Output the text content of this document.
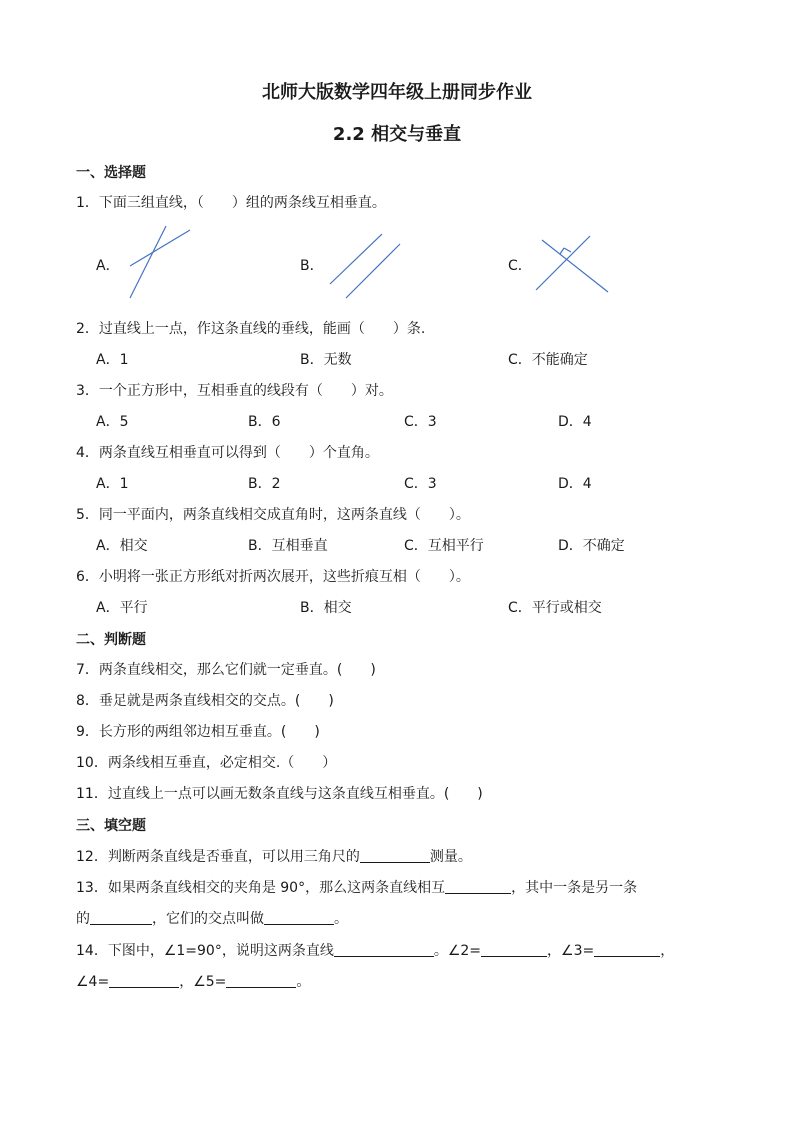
北师大版数学四年级上册同步作业
2.2 相交与垂直
一、选择题
1．下面三组直线，（　　）组的两条线互相垂直。
A．	B．	C．
2．过直线上一点，作这条直线的垂线，能画（　　）条.
A．1	B．无数	C．不能确定
3．一个正方形中，互相垂直的线段有（　　）对。
A．5	B．6	C．3	D．4
4．两条直线互相垂直可以得到（　　）个直角。
A．1	B．2	C．3	D．4
5．同一平面内，两条直线相交成直角时，这两条直线（　　）。
A．相交	B．互相垂直	C．互相平行	D．不确定
6．小明将一张正方形纸对折两次展开，这些折痕互相（　　）。
A．平行	B．相交	C．平行或相交
二、判断题
7．两条直线相交，那么它们就一定垂直。(　　)
8．垂足就是两条直线相交的交点。(　　)
9．长方形的两组邻边相互垂直。(　　)
10．两条线相互垂直，必定相交.（　　）
11．过直线上一点可以画无数条直线与这条直线互相垂直。(　　)
三、填空题
12．判断两条直线是否垂直，可以用三角尺的	测量。
13．如果两条直线相交的夹角是 90°，那么这两条直线相互	，其中一条是另一条
的	，它们的交点叫做	。
14．下图中，∠1=90°，说明这两条直线	。∠2=	，∠3=	，
∠4=	，∠5=	。
